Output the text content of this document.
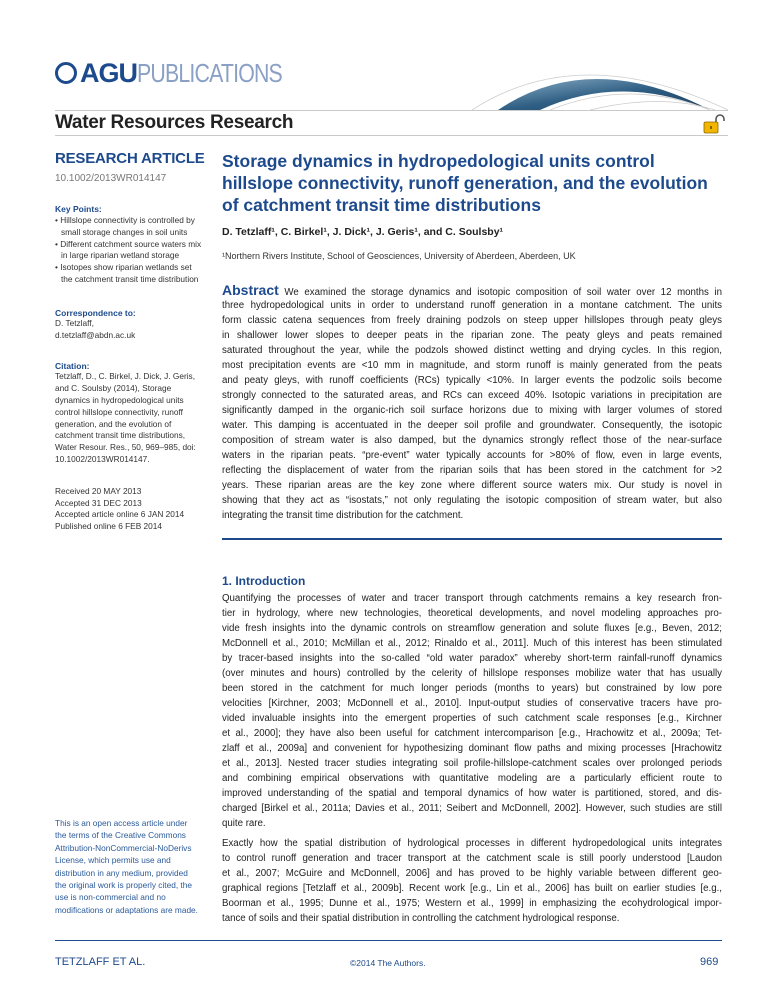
AGU PUBLICATIONS
Water Resources Research
RESEARCH ARTICLE
10.1002/2013WR014147
Key Points:
• Hillslope connectivity is controlled by small storage changes in soil units
• Different catchment source waters mix in large riparian wetland storage
• Isotopes show riparian wetlands set the catchment transit time distribution
Correspondence to:
D. Tetzlaff,
d.tetzlaff@abdn.ac.uk
Citation:
Tetzlaff, D., C. Birkel, J. Dick, J. Geris, and C. Soulsby (2014), Storage dynamics in hydropedological units control hillslope connectivity, runoff generation, and the evolution of catchment transit time distributions, Water Resour. Res., 50, 969–985, doi: 10.1002/2013WR014147.
Received 20 MAY 2013
Accepted 31 DEC 2013
Accepted article online 6 JAN 2014
Published online 6 FEB 2014
This is an open access article under the terms of the Creative Commons Attribution-NonCommercial-NoDerivs License, which permits use and distribution in any medium, provided the original work is properly cited, the use is non-commercial and no modifications or adaptations are made.
Storage dynamics in hydropedological units control hillslope connectivity, runoff generation, and the evolution of catchment transit time distributions
D. Tetzlaff¹, C. Birkel¹, J. Dick¹, J. Geris¹, and C. Soulsby¹
¹Northern Rivers Institute, School of Geosciences, University of Aberdeen, Aberdeen, UK
Abstract We examined the storage dynamics and isotopic composition of soil water over 12 months in
three hydropedological units in order to understand runoff generation in a montane catchment. The units
form classic catena sequences from freely draining podzols on steep upper hillslopes through peaty gleys
in shallower lower slopes to deeper peats in the riparian zone. The peaty gleys and peats remained
saturated throughout the year, while the podzols showed distinct wetting and drying cycles. In this region,
most precipitation events are <10 mm in magnitude, and storm runoff is mainly generated from the peats
and peaty gleys, with runoff coefficients (RCs) typically <10%. In larger events the podzolic soils become
strongly connected to the saturated areas, and RCs can exceed 40%. Isotopic variations in precipitation are
significantly damped in the organic-rich soil surface horizons due to mixing with larger volumes of stored
water. This damping is accentuated in the deeper soil profile and groundwater. Consequently, the isotopic
composition of stream water is also damped, but the dynamics strongly reflect those of the near-surface
waters in the riparian peats. “pre-event” water typically accounts for >80% of flow, even in large events,
reflecting the displacement of water from the riparian soils that has been stored in the catchment for >2
years. These riparian areas are the key zone where different source waters mix. Our study is novel in
showing that they act as “isostats,” not only regulating the isotopic composition of stream water, but also
integrating the transit time distribution for the catchment.
1. Introduction
Quantifying the processes of water and tracer transport through catchments remains a key research fron-
tier in hydrology, where new technologies, theoretical developments, and novel modeling approaches pro-
vide fresh insights into the dynamic controls on streamflow generation and solute fluxes [e.g., Beven, 2012;
McDonnell et al., 2010; McMillan et al., 2012; Rinaldo et al., 2011]. Much of this interest has been stimulated
by tracer-based insights into the so-called “old water paradox” whereby short-term rainfall-runoff dynamics
(over minutes and hours) controlled by the celerity of hillslope responses mobilize water that has usually
been stored in the catchment for much longer periods (months to years) but constrained by low pore
velocities [Kirchner, 2003; McDonnell et al., 2010]. Input-output studies of conservative tracers have pro-
vided invaluable insights into the emergent properties of such catchment scale responses [e.g., Kirchner
et al., 2000]; they have also been useful for catchment intercomparison [e.g., Hrachowitz et al., 2009a; Tet-
zlaff et al., 2009a] and convenient for hypothesizing dominant flow paths and mixing processes [Hrachowitz
et al., 2013]. Nested tracer studies integrating soil profile-hillslope-catchment scales over prolonged periods
and combining empirical observations with quantitative modeling are a particularly efficient route to
improved understanding of the spatial and temporal dynamics of how water is partitioned, stored, and dis-
charged [Birkel et al., 2011a; Davies et al., 2011; Seibert and McDonnell, 2002]. However, such studies are still
quite rare.
Exactly how the spatial distribution of hydrological processes in different hydropedological units integrates
to control runoff generation and tracer transport at the catchment scale is still poorly understood [Laudon
et al., 2007; McGuire and McDonnell, 2006] and has proved to be highly variable between different geo-
graphical regions [Tetzlaff et al., 2009b]. Recent work [e.g., Lin et al., 2006] has built on earlier studies [e.g.,
Boorman et al., 1995; Dunne et al., 1975; Western et al., 1999] in emphasizing the ecohydrological impor-
tance of soils and their spatial distribution in controlling the catchment hydrological response.
TETZLAFF ET AL.	©2014 The Authors.	969
